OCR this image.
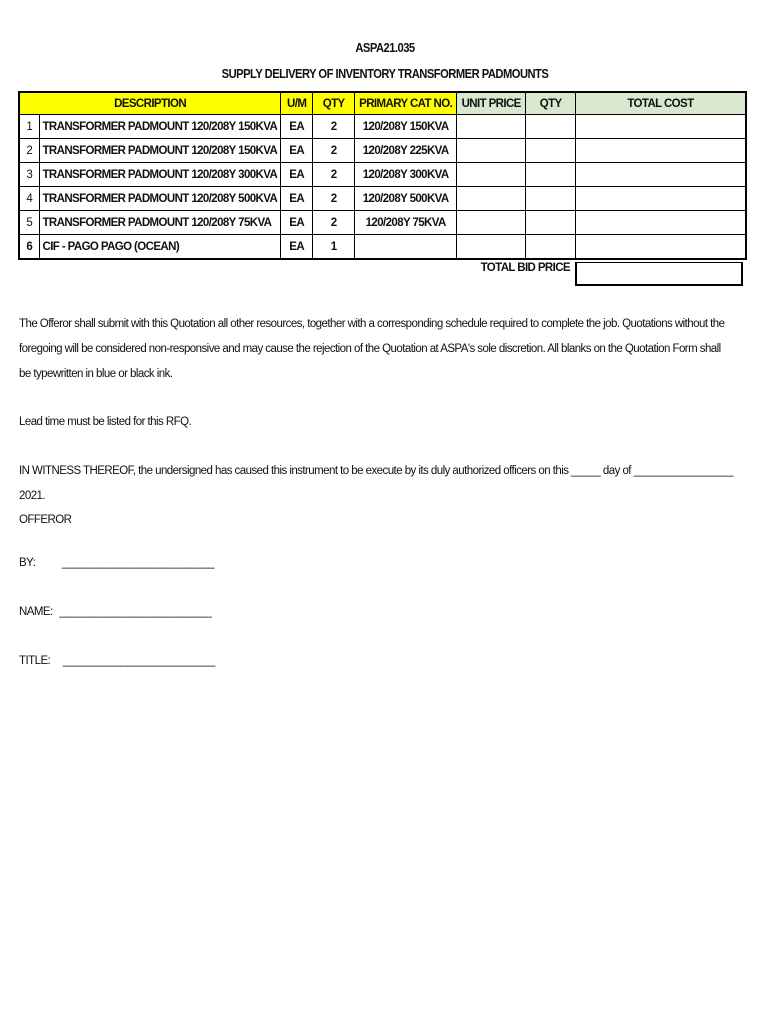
ASPA21.035
SUPPLY DELIVERY OF INVENTORY TRANSFORMER PADMOUNTS
DESCRIPTION		U/M	QTY	PRIMARY CAT NO.	UNIT PRICE	QTY	TOTAL COST
1	TRANSFORMER PADMOUNT 120/208Y 150KVA	EA	2	120/208Y 150KVA			
2	TRANSFORMER PADMOUNT 120/208Y 150KVA	EA	2	120/208Y 225KVA			
3	TRANSFORMER PADMOUNT 120/208Y 300KVA	EA	2	120/208Y 300KVA			
4	TRANSFORMER PADMOUNT 120/208Y 500KVA	EA	2	120/208Y 500KVA			
5	TRANSFORMER PADMOUNT 120/208Y 75KVA	EA	2	120/208Y 75KVA			
6	CIF - PAGO PAGO (OCEAN)	EA	1				
TOTAL BID PRICE
The Offeror shall submit with this Quotation all other resources, together with a corresponding schedule required to complete the job. Quotations without the foregoing will be considered non-responsive and may cause the rejection of the Quotation at ASPA's sole discretion. All blanks on the Quotation Form shall be typewritten in blue or black ink.
Lead time must be listed for this RFQ.
IN WITNESS THEREOF, the undersigned has caused this instrument to be execute by its duly authorized officers on this _____ day of _________________ 2021.
OFFEROR
BY: __________________________
NAME: __________________________
TITLE: __________________________
